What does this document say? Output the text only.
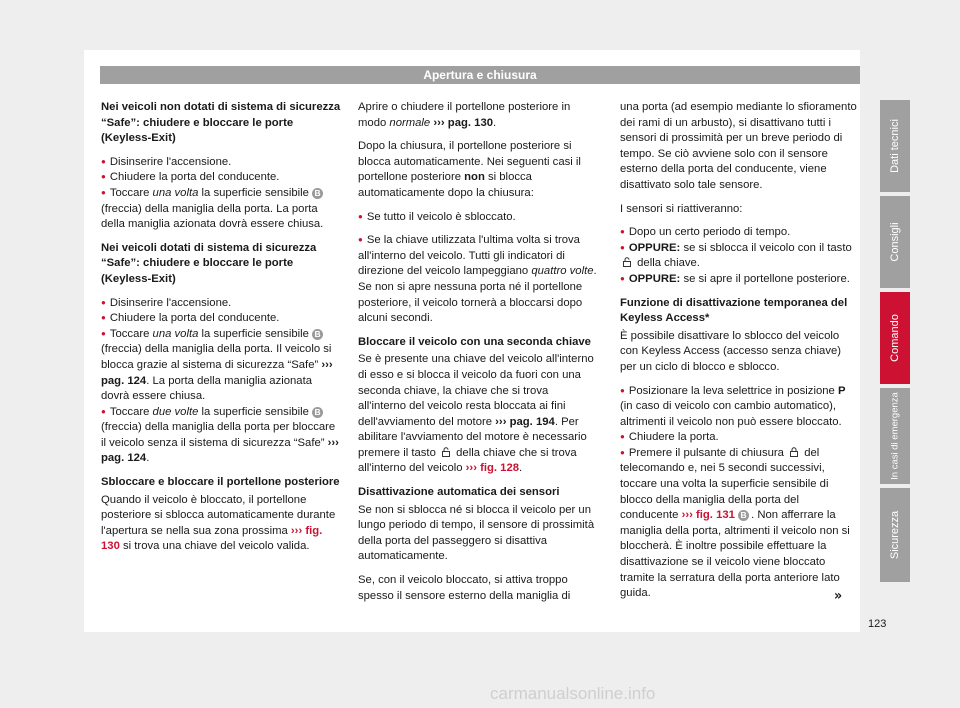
Apertura e chiusura

Nei veicoli non dotati di sistema di sicurezza “Safe”: chiudere e bloccare le porte (Keyless-Exit)

● Disinserire l'accensione.
● Chiudere la porta del conducente.

● Toccare una volta la superficie sensibile B (freccia) della maniglia della porta. La porta della maniglia azionata dovrà essere chiusa.

Nei veicoli dotati di sistema di sicurezza “Safe”: chiudere e bloccare le porte (Keyless-Exit)

● Disinserire l'accensione.
● Chiudere la porta del conducente.
● Toccare una volta la superficie sensibile B (freccia) della maniglia della porta. Il veicolo si blocca grazie al sistema di sicurezza “Safe” ››› pag. 124. La porta della maniglia azionata dovrà essere chiusa.

● Toccare due volte la superficie sensibile B (freccia) della maniglia della porta per bloccare il veicolo senza il sistema di sicurezza “Safe” ››› pag. 124.

Sbloccare e bloccare il portellone posteriore

Quando il veicolo è bloccato, il portellone posteriore si sblocca automaticamente durante l'apertura se nella sua zona prossima ››› fig. 130 si trova una chiave del veicolo valida.

Aprire o chiudere il portellone posteriore in modo normale ››› pag. 130.

Dopo la chiusura, il portellone posteriore si blocca automaticamente. Nei seguenti casi il portellone posteriore non si blocca automaticamente dopo la chiusura:

● Se tutto il veicolo è sbloccato.

● Se la chiave utilizzata l'ultima volta si trova all'interno del veicolo. Tutti gli indicatori di direzione del veicolo lampeggiano quattro volte. Se non si apre nessuna porta né il portellone posteriore, il veicolo tornerà a bloccarsi dopo alcuni secondi.

Bloccare il veicolo con una seconda chiave

Se è presente una chiave del veicolo all'interno di esso e si blocca il veicolo da fuori con una seconda chiave, la chiave che si trova all'interno del veicolo resta bloccata ai fini dell'avviamento del motore ››› pag. 194. Per abilitare l'avviamento del motore è necessario premere il tasto  della chiave che si trova all'interno del veicolo ››› fig. 128.

Disattivazione automatica dei sensori

Se non si sblocca né si blocca il veicolo per un lungo periodo di tempo, il sensore di prossimità della porta del passeggero si disattiva automaticamente.

Se, con il veicolo bloccato, si attiva troppo spesso il sensore esterno della maniglia di

una porta (ad esempio mediante lo sfioramento dei rami di un arbusto), si disattivano tutti i sensori di prossimità per un breve periodo di tempo. Se ciò avviene solo con il sensore esterno della porta del conducente, viene disattivato solo tale sensore.

I sensori si riattiveranno:

● Dopo un certo periodo di tempo.
● OPPURE: se si sblocca il veicolo con il tasto  della chiave.

● OPPURE: se si apre il portellone posteriore.

Funzione di disattivazione temporanea del Keyless Access*

È possibile disattivare lo sblocco del veicolo con Keyless Access (accesso senza chiave) per un ciclo di blocco e sblocco.

● Posizionare la leva selettrice in posizione P (in caso di veicolo con cambio automatico), altrimenti il veicolo non può essere bloccato.
● Chiudere la porta.
● Premere il pulsante di chiusura  del telecomando e, nei 5 secondi successivi, toccare una volta la superficie sensibile di blocco della maniglia della porta del conducente ››› fig. 131 B . Non afferrare la maniglia della porta, altrimenti il veicolo non si bloccherà. È inoltre possibile effettuare la disattivazione se il veicolo viene bloccato tramite la serratura della porta anteriore lato guida.	»
Dati tecnici
Consigli
Comando
In casi di emergenza
Sicurezza
123
carmanualsonline.info
